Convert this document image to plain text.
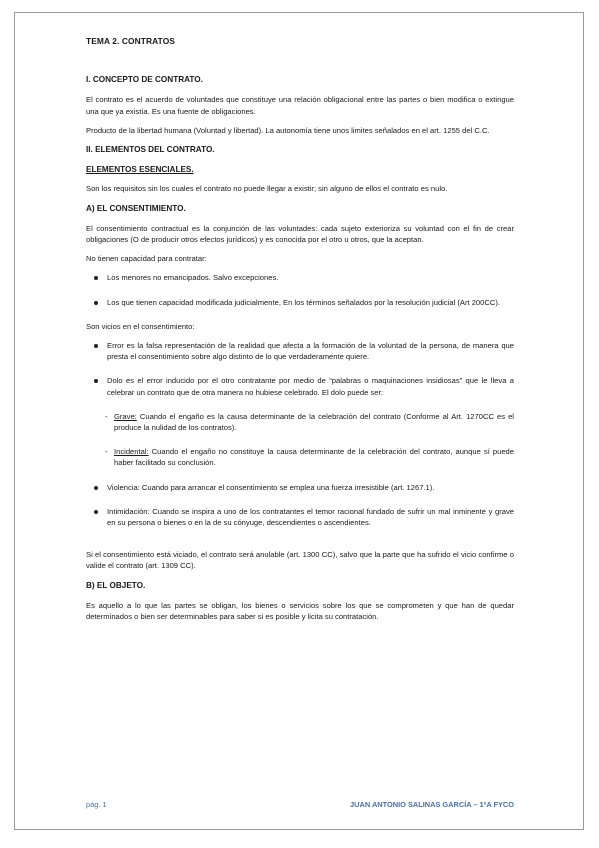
TEMA 2. CONTRATOS
I. CONCEPTO DE CONTRATO.

El contrato es el acuerdo de voluntades que constituye una relación obligacional entre las partes o bien modifica o extingue una que ya existía. Es una fuente de obligaciones.

Producto de la libertad humana (Voluntad y libertad). La autonomía tiene unos limites señalados en el art. 1255 del C.C.

II. ELEMENTOS DEL CONTRATO.
ELEMENTOS ESENCIALES.

Son los requisitos sin los cuales el contrato no puede llegar a existir; sin alguno de ellos el contrato es nulo.

A) EL CONSENTIMIENTO.

El consentimiento contractual es la conjunción de las voluntades: cada sujeto exterioriza su voluntad con el fin de crear obligaciones (O de producir otros efectos jurídicos) y es conocida por el otro u otros, que la aceptan.

No tienen capacidad para contratar:

Los menores no emancipados. Salvo excepciones.
Los que tienen capacidad modificada judicialmente, En los términos señalados por la resolución judicial (Art 200CC).

Son vicios en el consentimiento:

Error es la falsa representación de la realidad que afecta a la formación de la voluntad de la persona, de manera que presta el consentimiento sobre algo distinto de lo que verdaderamente quiere.
Dolo es el error inducido por el otro contratante por medio de “palabras o maquinaciones insidiosas” que le lleva a celebrar un contrato que de otra manera no hubiese celebrado. El dolo puede ser:
- Grave: Cuando el engaño es la causa determinante de la celebración del contrato (Conforme al Art. 1270CC es el produce la nulidad de los contratos).
- Incidental: Cuando el engaño no constituye la causa determinante de la celebración del contrato, aunque sí puede haber facilitado su conclusión.
Violencia: Cuando para arrancar el consentimiento se emplea una fuerza irresistible (art. 1267.1).
Intimidación: Cuando se inspira a uno de los contratantes el temor racional fundado de sufrir un mal inminente y grave en su persona o bienes o en la de su cónyuge, descendientes o ascendientes.

Si el consentimiento está viciado, el contrato será anulable (art. 1300 CC), salvo que la parte que ha sufrido el vicio confirme o valide el contrato (art. 1309 CC).

B) EL OBJETO.

Es aquello a lo que las partes se obligan, los bienes o servicios sobre los que se comprometen y que han de quedar determinados o bien ser determinables para saber si es posible y licita su contratación.

pág. 1	JUAN ANTONIO SALINAS GARCÍA – 1ºA FYCO
